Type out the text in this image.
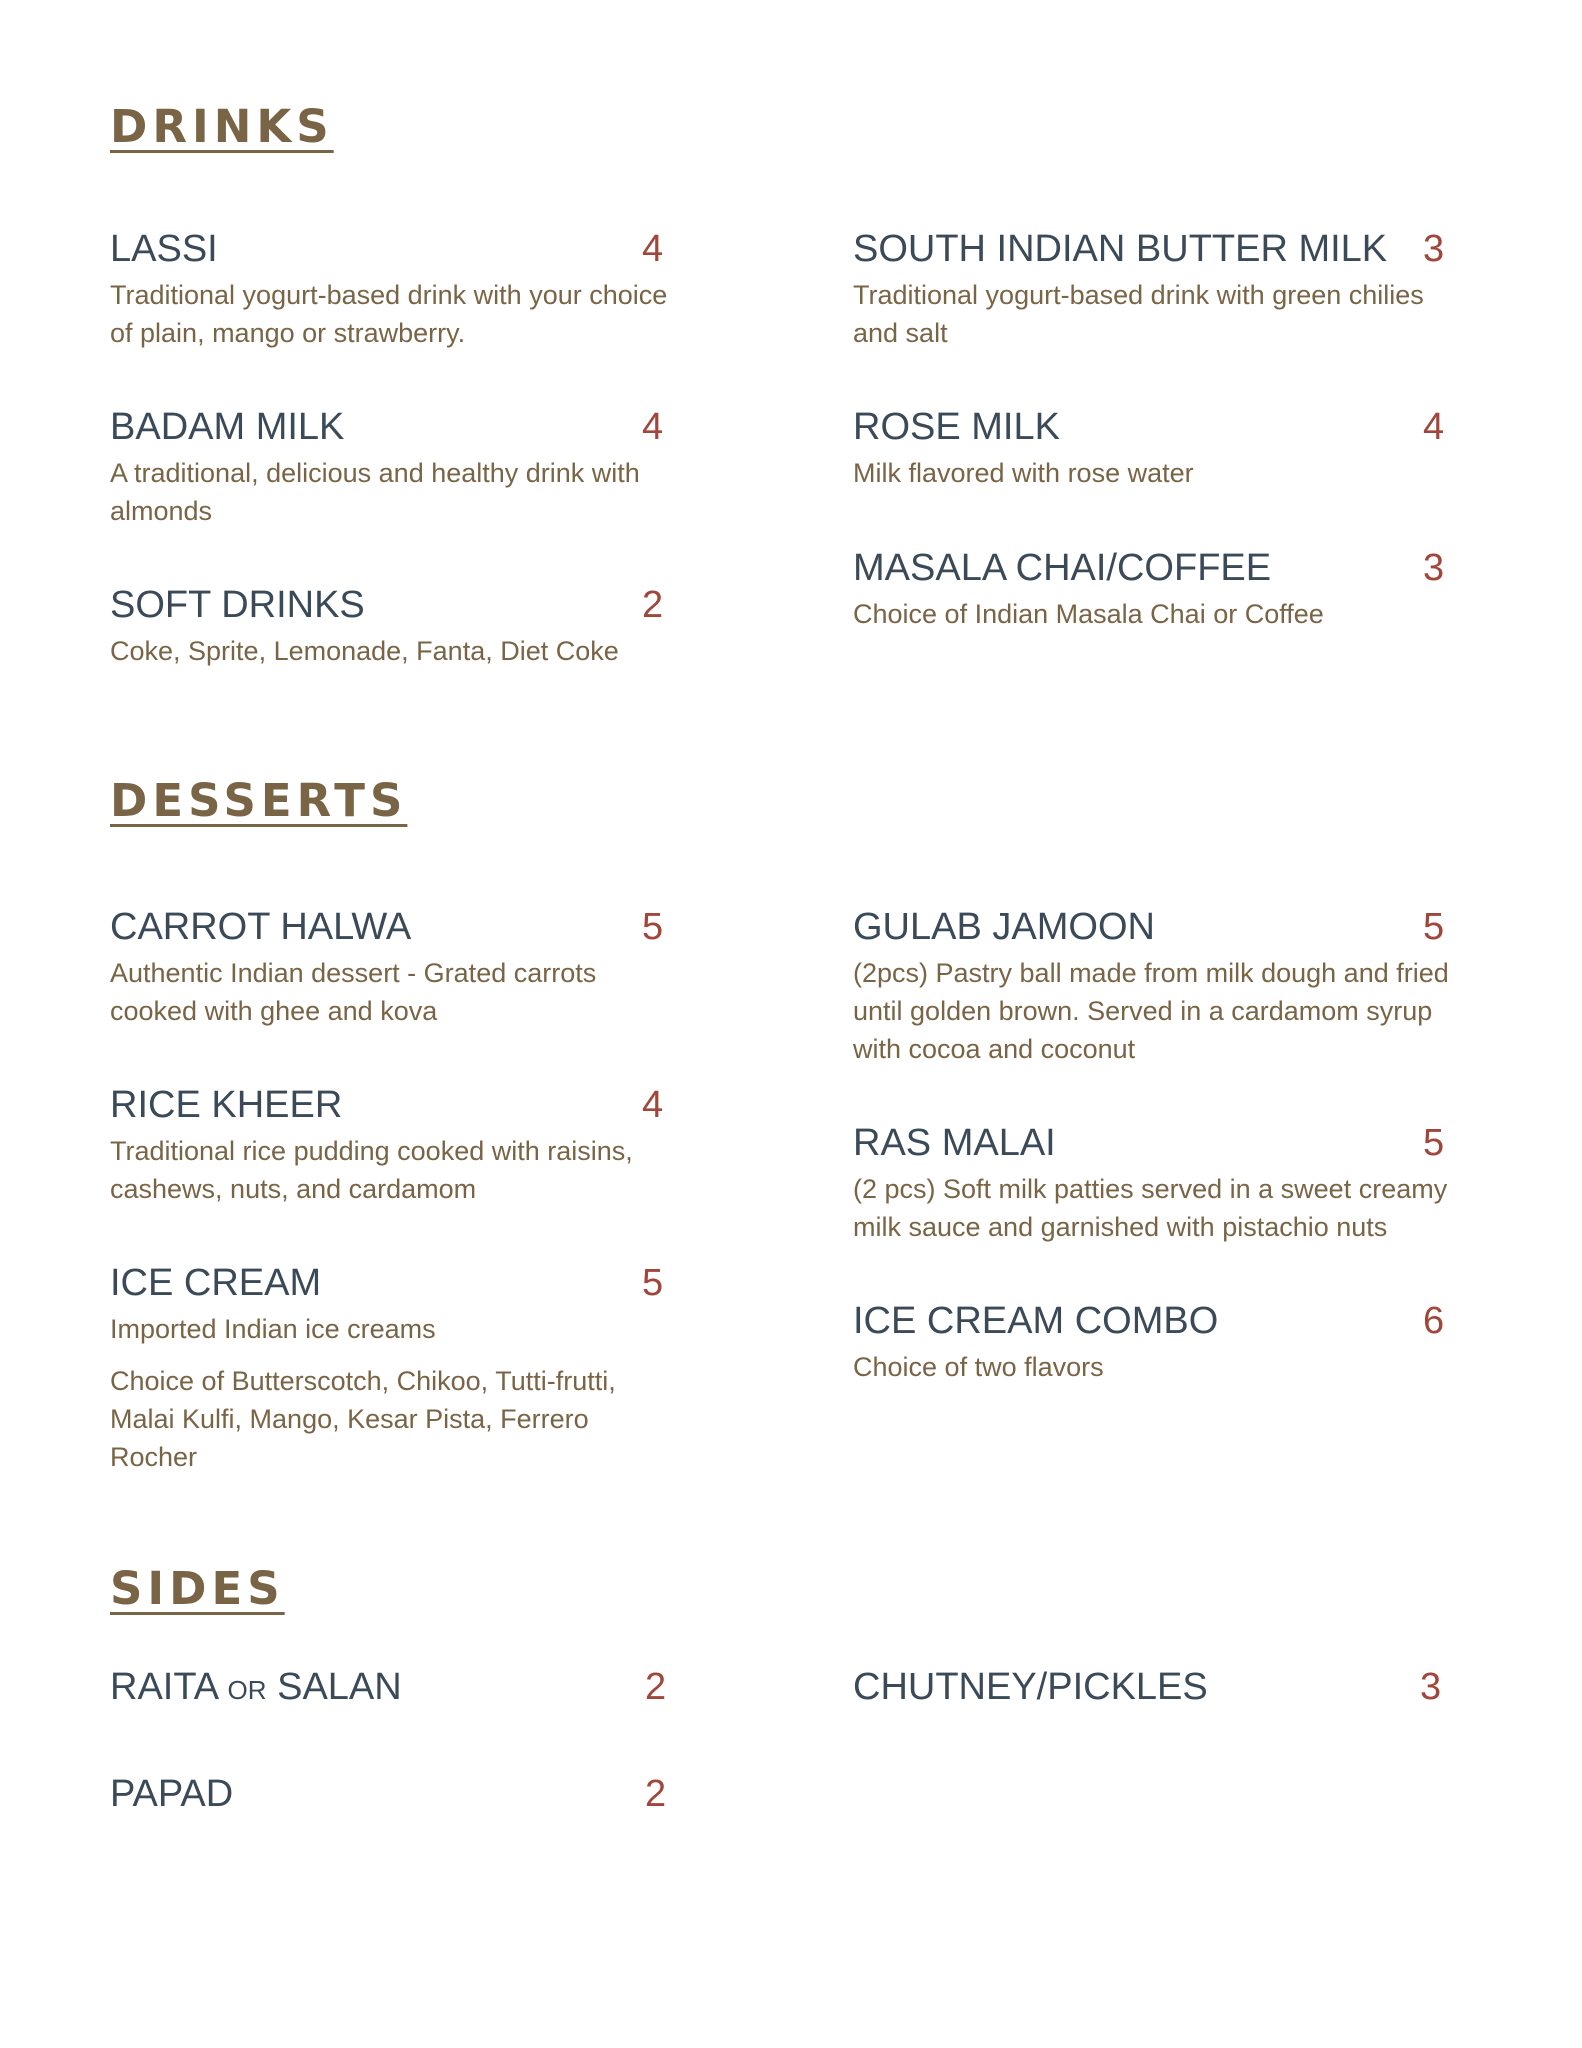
DRINKS
LASSI	4

Traditional yogurt-based drink with your choice of plain, mango or strawberry.

SOUTH INDIAN BUTTER MILK 3

Traditional yogurt-based drink with green chilies and salt

BADAM MILK	4

A traditional, delicious and healthy drink with almonds

ROSE MILK	4

Milk flavored with rose water

SOFT DRINKS	2

Coke, Sprite, Lemonade, Fanta, Diet Coke

MASALA CHAI/COFFEE	3

Choice of Indian Masala Chai or Coffee

DESSERTS
CARROT HALWA	5

Authentic Indian dessert - Grated carrots cooked with ghee and kova

GULAB JAMOON	5

(2pcs) Pastry ball made from milk dough and fried until golden brown. Served in a cardamom syrup with cocoa and coconut

RICE KHEER	4

Traditional rice pudding cooked with raisins, cashews, nuts, and cardamom

RAS MALAI	5

(2 pcs) Soft milk patties served in a sweet creamy milk sauce and garnished with pistachio nuts

ICE CREAM	5

Imported Indian ice creams

Choice of Butterscotch, Chikoo, Tutti-frutti, Malai Kulfi, Mango, Kesar Pista, Ferrero Rocher

ICE CREAM COMBO	6

Choice of two flavors

SIDES
RAITA OR SALAN	2	CHUTNEY/PICKLES	3
PAPAD	2
